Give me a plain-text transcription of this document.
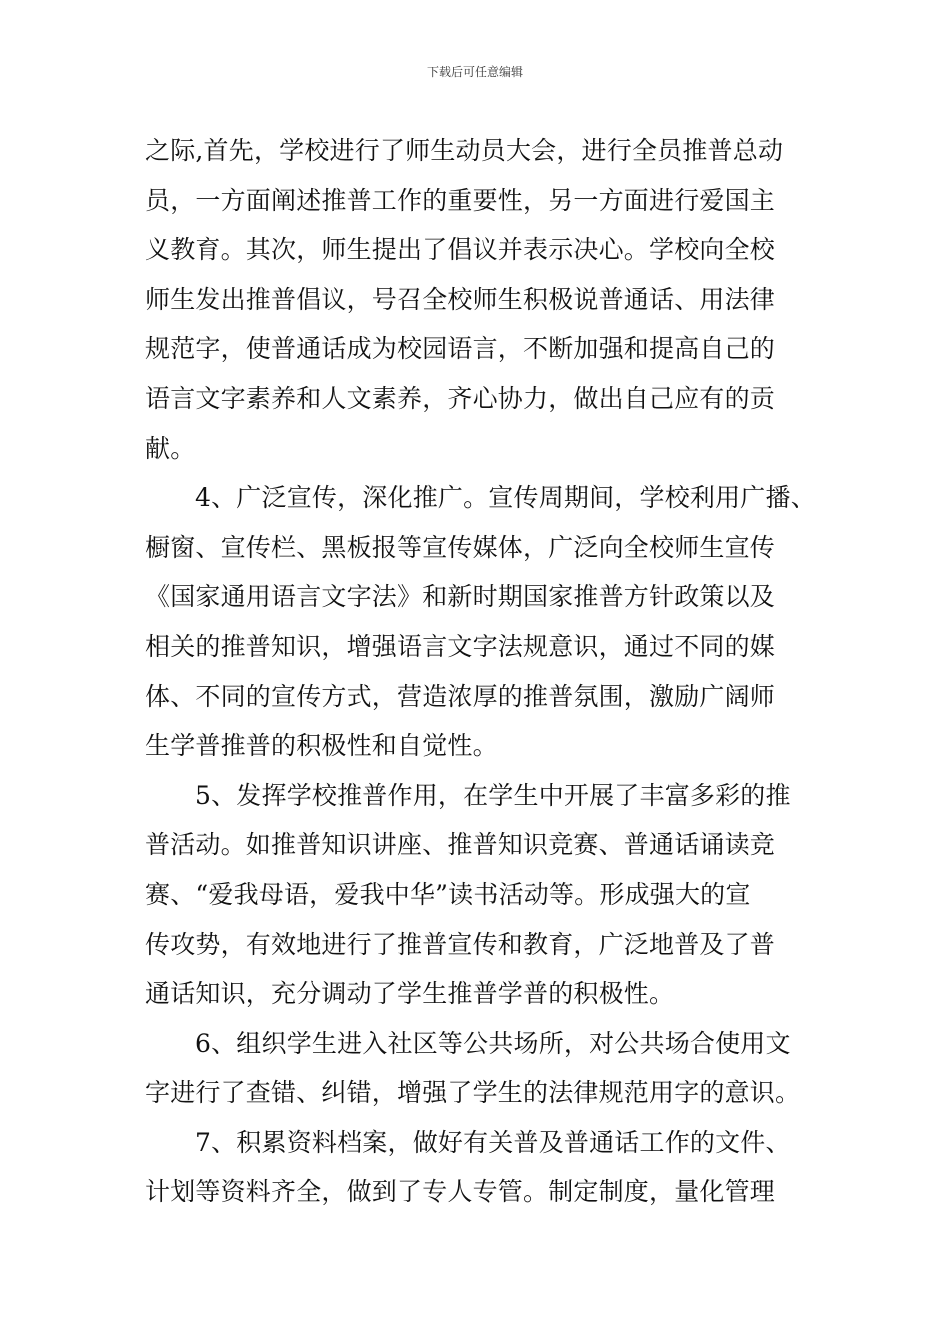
下载后可任意编辑
之际,首先，学校进行了师生动员大会，进行全员推普总动
员，一方面阐述推普工作的重要性，另一方面进行爱国主
义教育。其次，师生提出了倡议并表示决心。学校向全校
师生发出推普倡议，号召全校师生积极说普通话、用法律
规范字，使普通话成为校园语言，不断加强和提高自己的
语言文字素养和人文素养，齐心协力，做出自己应有的贡
献。
4、广泛宣传，深化推广。宣传周期间，学校利用广播、
橱窗、宣传栏、黑板报等宣传媒体，广泛向全校师生宣传
《国家通用语言文字法》和新时期国家推普方针政策以及
相关的推普知识，增强语言文字法规意识，通过不同的媒
体、不同的宣传方式，营造浓厚的推普氛围，激励广阔师
生学普推普的积极性和自觉性。
5、发挥学校推普作用，在学生中开展了丰富多彩的推
普活动。如推普知识讲座、推普知识竞赛、普通话诵读竞
赛、“爱我母语，爱我中华”读书活动等。形成强大的宣
传攻势，有效地进行了推普宣传和教育，广泛地普及了普
通话知识，充分调动了学生推普学普的积极性。
6、组织学生进入社区等公共场所，对公共场合使用文
字进行了查错、纠错，增强了学生的法律规范用字的意识。
7、积累资料档案，做好有关普及普通话工作的文件、
计划等资料齐全，做到了专人专管。制定制度，量化管理
